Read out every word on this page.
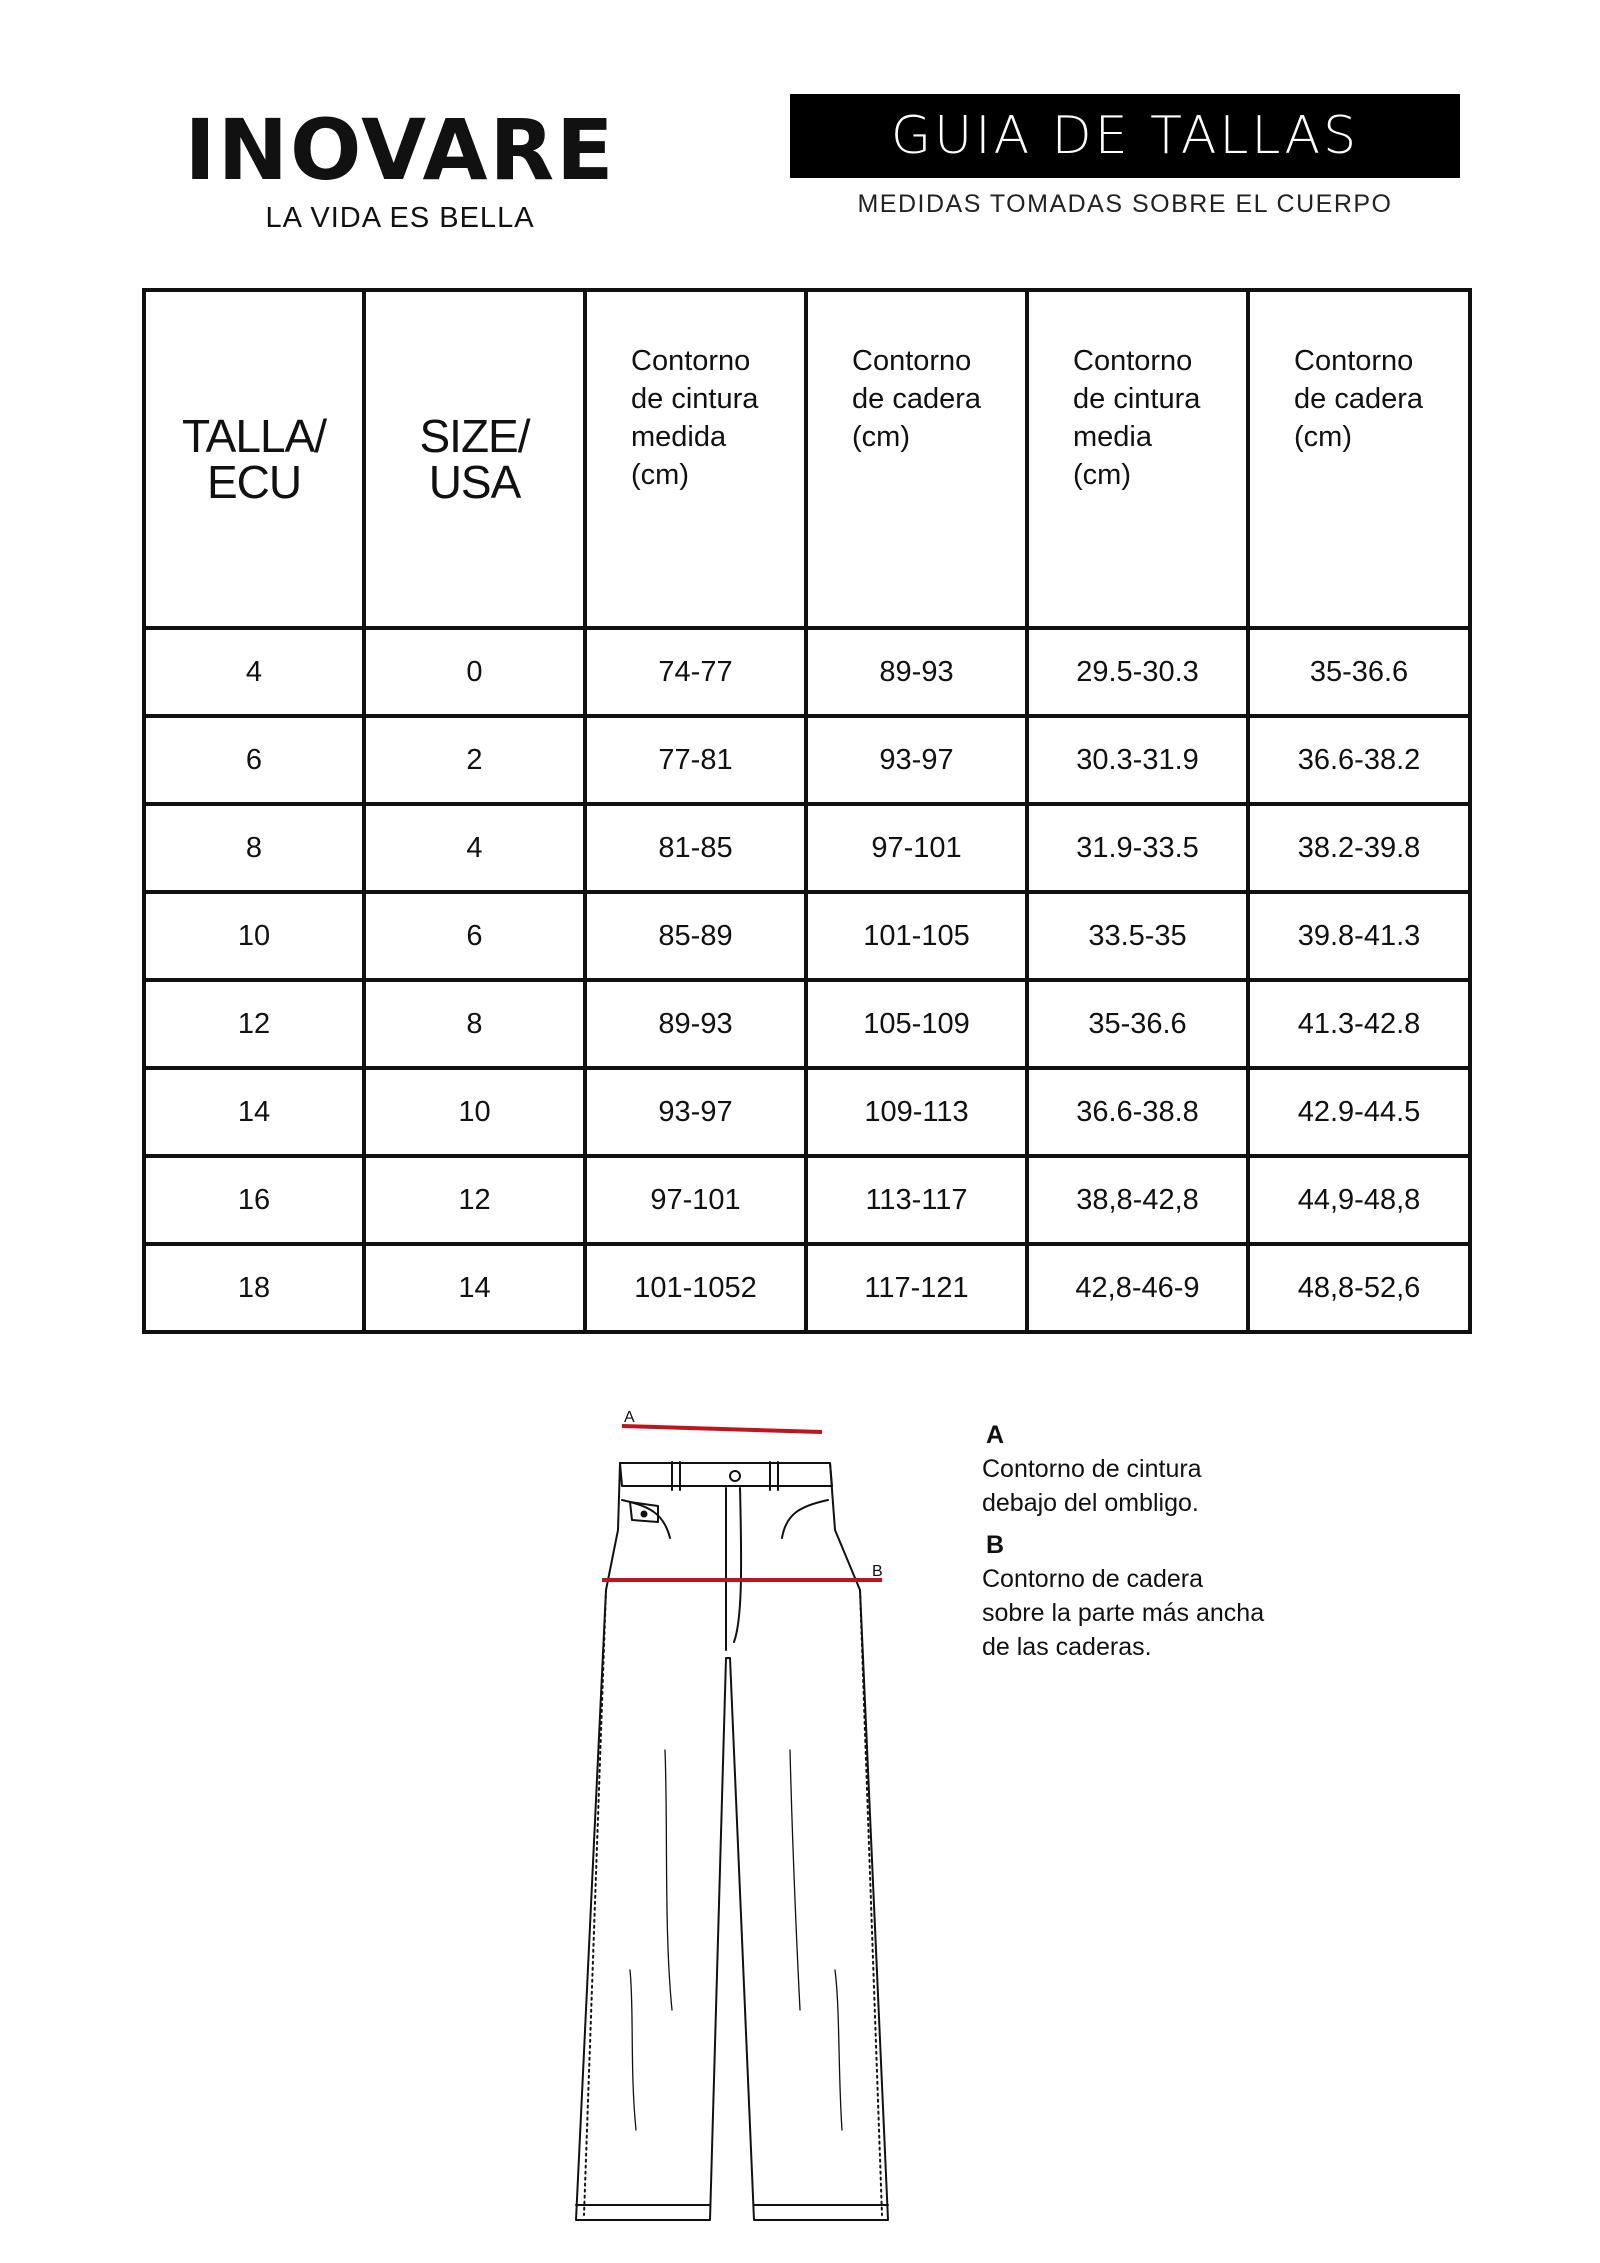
INOVARE
LA VIDA ES BELLA
GUIA DE TALLAS
MEDIDAS TOMADAS SOBRE EL CUERPO
TALLA/
ECU	SIZE/
USA	Contorno
de cintura
medida
(cm)	Contorno
de cadera
(cm)	Contorno
de cintura
media
(cm)	Contorno
de cadera
(cm)

4	0	74-77	89-93	29.5-30.3	35-36.6
6	2	77-81	93-97	30.3-31.9	36.6-38.2
8	4	81-85	97-101	31.9-33.5	38.2-39.8
10	6	85-89	101-105	33.5-35	39.8-41.3
12	8	89-93	105-109	35-36.6	41.3-42.8
14	10	93-97	109-113	36.6-38.8	42.9-44.5
16	12	97-101	113-117	38,8-42,8	44,9-48,8
18	14	101-1052	117-121	42,8-46-9	48,8-52,6
A
B
A

Contorno de cintura

debajo del ombligo.

B

Contorno de cadera

sobre la parte más ancha

de las caderas.
